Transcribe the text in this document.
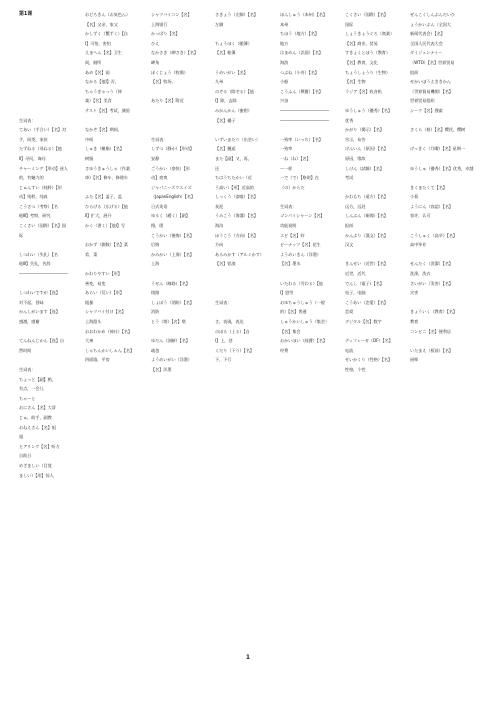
第1课

生词表：
てあい（手合い）【名】対
手，同类，家伙
たずねる（尋ねる）【他
Ⅱ】寻问，询问
チャーミング【形动】迷人
的，有魅力的
じゅんすい（純粋）【形
动】纯粹，纯真
こうさつ（考察）【名
他Ⅲ】考察，研究
こくさい（国際）【名】国
际

しつれい（失礼）【名
他Ⅲ】失礼，告辞
――――――――――――

しつれいですが【连】
对不起，冒昧
かんしがいます【连】
感激，感谢

てんねんじかん【连】自
然时间

生词表：
ちょっと【副】稍，
有点，一会儿
ちゃ～と
おにさん【名】大哥
じゅ，助手，副教
おねえさん【名】姐
姐
ヒアリング【名】听力
自助日
めざましい（目覚
ましい）【形】惊人
おどろきん（お気色ん）
【名】父亲，家父
かしずく（驚ずく）【自
Ⅰ】可怕，害怕
えまへん【名】卫生
间，厕所
あめ【名】雨
なかる【他Ⅰ】弄，
ちゃうぎゃっう（伸
業）【名】美食
テスト【名】考试，测验

なかぞ【名】期间，
中间
しゅき（樹脂）【名】
树脂
さゆうきゅうしゃ（作業
車）【名】修车，修理车

ふた【名】盖子，盖
ひらげる（広げる）【他
Ⅱ】扩大，展开
かく（書く）【他Ⅰ】写

おかず（御数）【名】菜
肴，菜

かわりやすい【形】
善变，易变
あらい（荒い）【形】
粗暴
シャツバイ付け【名】
上海派头
おおわかめ（神社）【名】
大神
しゃちんかいしゃん【名】
四面墙，平房
シャツバイコン【名】
上海银行
かっぱり【名】
ひえ
なかさき（岬さき）【名】
岬角
ぼくじょう（牧場）
【名】牧场，

あたり【名】附近

生词表：
しずつ（静か）【形动】
安静
ごうかい（豪快）【形
动】豪爽
ジャパニーズウエイズ
（JapanEnglish）【名】
日式英语
ゆるく（緩く）【副】
慢，缓
こうかい（後悔）【名】
后悔
かみかい（上海）【名】
上海

うせん（線路）【名】
线路
しょぼう（消防）【名】
消防
とう（塔）【名】塔

ゆだん（油断）【名】
疏忽
ようめいがい（洋墨）
【名】洋墨
さきょう（左脚）【名】
左脚

ちょうほく（帳簿）
【名】帐簿

うめいがい【名】
九州
のぞる（除ぞる）【他
Ⅰ】除，去除
みかんかん（蜜柑）
【名】橘子

いずいまたり（出会い）
【名】邂逅
また【副】又，再，
还
ちはうちたかい（近
う高い）【形】近高的
しっくう（漆喰）【名】
灰泥
うみこう（海溝）【名】
海沟
ほうこう（方向）【名】
方向
あるみかす（アルミかす）
【名】铝渣

生词表：

さ，表現，表达
のぼる（上る）【自
Ⅰ】上，登
くだり（下り）【名】
下，下行
ほんしゅう（本州）【名】
本州
ちほう（地方）【名】
地方
はまめん（浜面）【名】
海滨
つぶね（小舟）【名】
小船
こうふん（興奮）【名】
兴奋
――――――――――――
――――――――――――

一致率（いっち）【名】
一致率
一ね（ね）【名】
～一样
一で（で）【格助】在
（の）からだ

生词表：
ゴンパイシャーン【名】
功能说明
エビ【名】虾
ビーナッツ【名】花生
ようめいきん（洋墨）
【名】墨水

いたわる（労わる）【他
Ⅰ】慰劳
おゆちゅうしゅう（一般
的）【名】普通
しゅうかいしゅう（集会）
【名】集会
おかいほい（経費）【名】
经费
こくさい（国際）【名】
国际
しょうきょうぐろ（商業）
【名】商业，贸易
すきょくとぼう（教育）
【名】教育，文化
ちょうしょうり（生物）
【名】生物
ラジア【名】收音机

ゆうしゅう（優秀）【名】
优秀
かがり（掲示）【名】
告示，布告
げんいん（原因）【名】
原因，缘故
しけん（試験）【名】
考试

かわもち（遠方）【名】
远方，远处
しんぶん（新聞）【名】
报纸
かんぷり（漢文）【名】
汉文

きんせい（近世）【名】
近世，近代
でんし（電子）【名】
电子，电脑
こうあい（恋愛）【名】
恋爱
デジタル【名】数字

ディフェーガ（DF）【名】
电流
せいかくり（性格）【名】
性格，个性
ぜんこくしんぶんだいひ
ょうかいぶん（全国大
新闻代表会）【名】
全国人民代表大会
ダイジェンナイー
（WTO）【名】世界贸易
组织
せかいぼうえききかん
（世界貿易機関）【名】
世界贸易组织
シーク【名】搜索

さくら（桜）【名】樱花，樱树

げっきく（月曜）【名】星期一

ゆうしゅ（優秀）【名】优秀，卓越

きくまたくて【名】
小菊
ようにん（容認）【名】
容许，认可

こうしゅく（高卒）【名】
高中毕业

せんたく（洗濯）【名】
洗涤，洗衣
さいがい（災害）【名】
灾害

きょういく（教育）【名】
教育
コンビニ【名】便利店

いたまえ（板前）【名】
厨师
1
